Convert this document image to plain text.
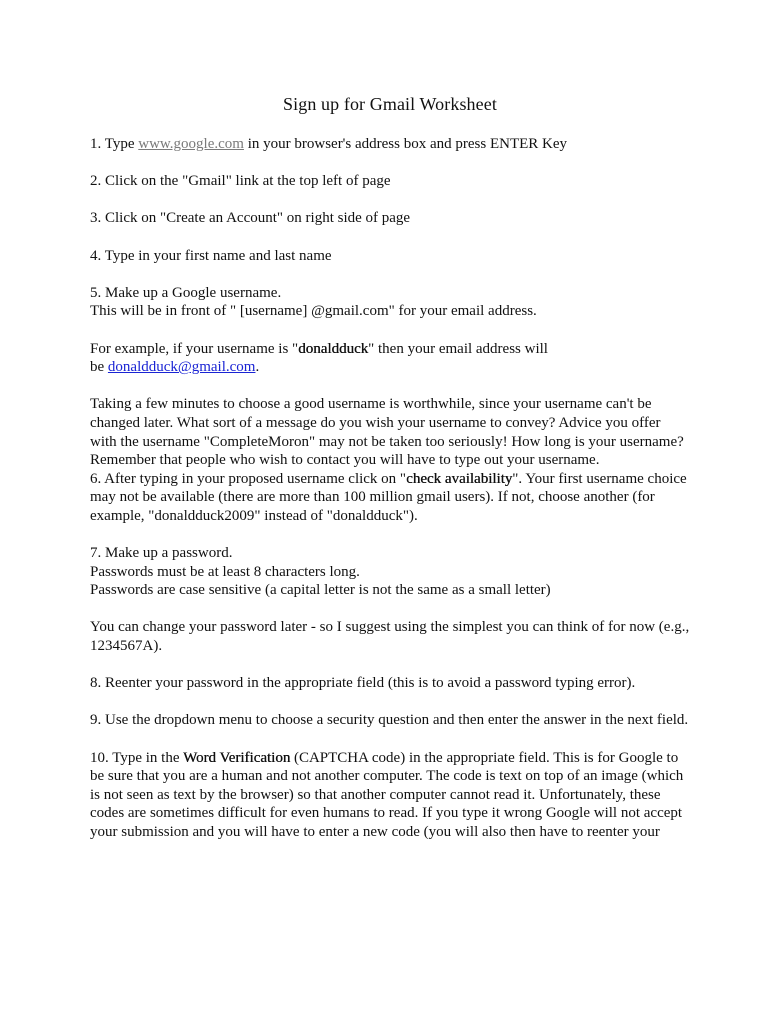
Sign up for Gmail Worksheet

1. Type www.google.com in your browser's address box and press ENTER Key

2. Click on the "Gmail" link at the top left of page

3. Click on "Create an Account" on right side of page

4. Type in your first name and last name

5. Make up a Google username.
This will be in front of " [username] @gmail.com" for your email address.

For example, if your username is "donaldduck" then your email address will
be donaldduck@gmail.com.

Taking a few minutes to choose a good username is worthwhile, since your username can't be changed later. What sort of a message do you wish your username to convey? Advice you offer with the username "CompleteMoron" may not be taken too seriously! How long is your username? Remember that people who wish to contact you will have to type out your username.

6. After typing in your proposed username click on "check availability". Your first username choice may not be available (there are more than 100 million gmail users). If not, choose another (for example, "donaldduck2009" instead of "donaldduck").

7. Make up a password.
Passwords must be at least 8 characters long.
Passwords are case sensitive (a capital letter is not the same as a small letter)

You can change your password later - so I suggest using the simplest you can think of for now (e.g., 1234567A).

8. Reenter your password in the appropriate field (this is to avoid a password typing error).

9. Use the dropdown menu to choose a security question and then enter the answer in the next field.

10. Type in the Word Verification (CAPTCHA code) in the appropriate field. This is for Google to be sure that you are a human and not another computer. The code is text on top of an image (which is not seen as text by the browser) so that another computer cannot read it. Unfortunately, these codes are sometimes difficult for even humans to read. If you type it wrong Google will not accept your submission and you will have to enter a new code (you will also then have to reenter your
